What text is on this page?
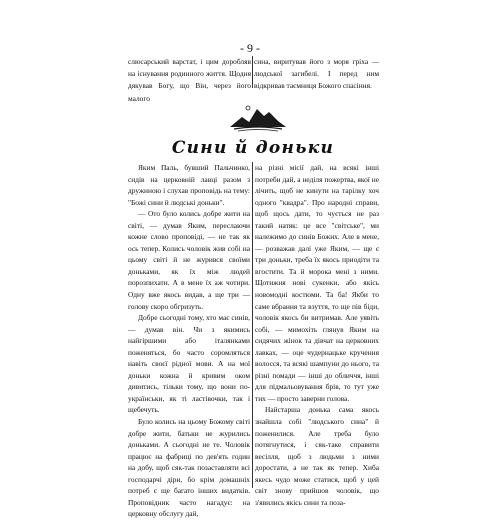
- 9 -
слюсарський варстат, і цим доробляв на існування родинного життя. Щодня дякував Богу, що Він, через його малого
сина, виритував його з моря гріха — людської загибелі. І перед ним відкривав таємниця Божого спасіння.
Сини й доньки

Яким Паль, бувший Пальчинко, сидів на церковній лавці разом з дружиною і слухав проповідь на тему: "Божі сини й людські доньки".

— Ото було колись добре жити на світі, — думав Яким, переслаючи кожне слово проповіді, — не так як ось тепер. Колись чоловік жив собі на цьому світі й не журився своїми доньками, як їх між людей порозпихати. А в мене їх аж чотири. Одну вже якось видав, а ще три — голову скоро обгризуть.

Добре сьогодні тому, хто має синів, — думав він. Чи з якимись найгіршими або італянками поженяться, бо часто соромляться навіть своєї рідної мови. А на мої доньки кожна й кривим оком дивитись, тільки тому, що вони по-українськи, як ті ластівочки, так і щебечуть.

Було колись на цьому Божому світі добре жити, батьки не журились доньками. А сьогодні не те. Чоловік працює на фабриці по дев'ять годин на добу, щоб сяк-так позаставляти всі господарчі діри, бо крім домашніх потреб є ще багато інших видатків. Проповідник часто нагадує: на церковну обслугу дай,

на різні місії дай, на всякі інші потреби дай, а неділя пожертва, якої не лічить, щоб не кинути на тарілку хоч одного "квадра". Про народні справи, щоб щось дати, то чується не раз такий натяк: це все "світське", ми належимо до синів Божих. Але в мене, — розважав далі уже Яким, — ще є три доньки, треба їх якось приодіти та вгостити. Та й морока мені з ними. Щотижня нові сукенки, або якісь новомодні костюми. Та ба! Якби то саме вбрання та взуття, то ще пів біди, чоловік якось би витримав. Але уявіть собі, — мимохіть глянув Яким на сидячих жінок та дівчат на церковних лавках, — оце чудернацьке кручення волосся, та всякі шампуни до нього, та різні помади — інші до обличчя, інші для підмальовування брів, то тут уже тих — просто заверни голова.

Найстарша донька сама якось знайшла собі "людського сина" й поженилися. Але треба було потягнутися, і сяк-таке справити весілля, щоб з людьми з ними доростати, а не так як тепер. Хиба якесь чудо може статися, щоб у цей світ знову прийшов чоловік, що з'явились якісь сини та поза-
